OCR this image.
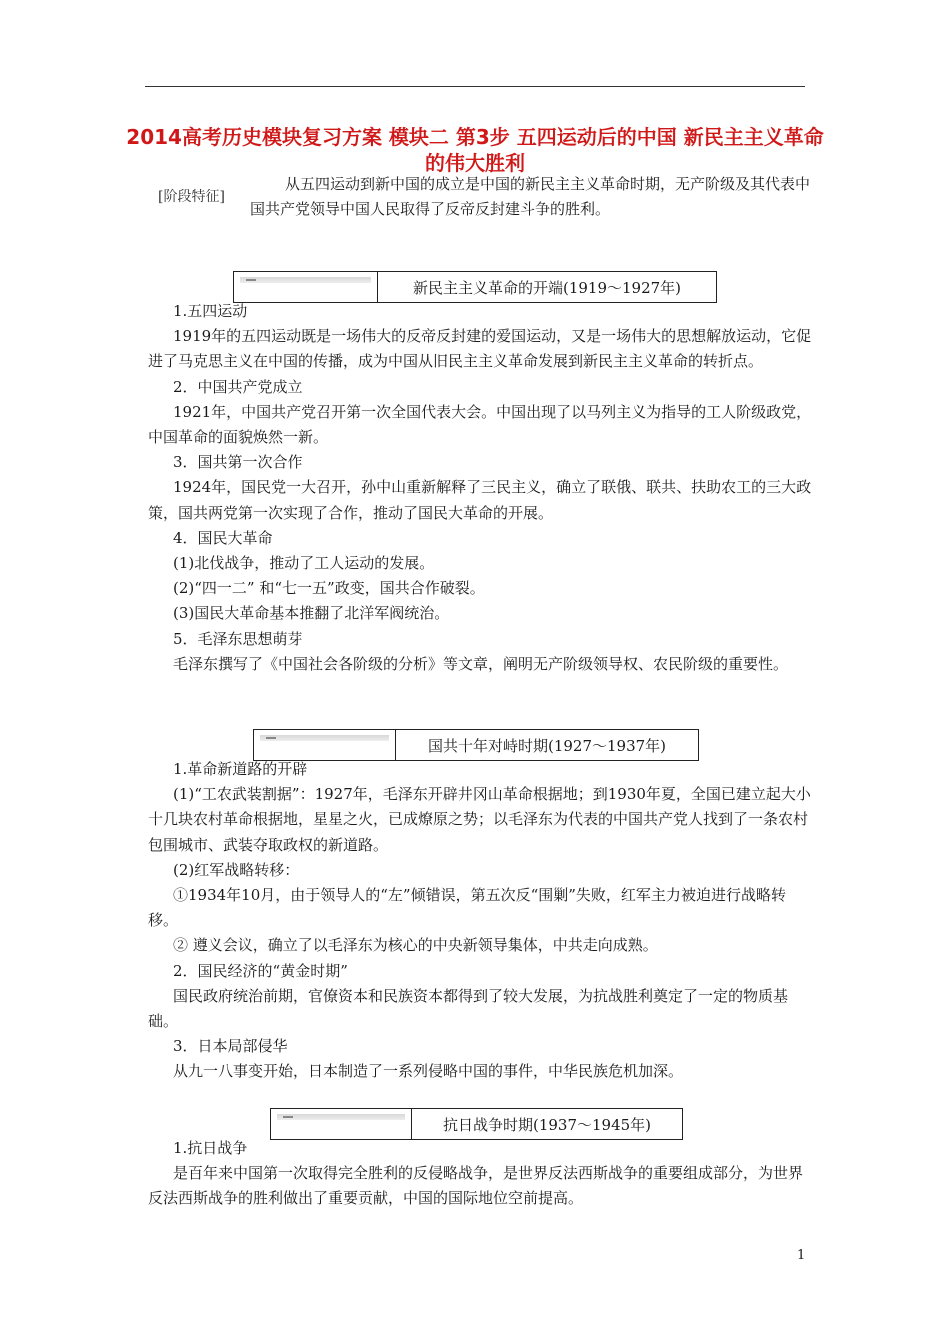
2014高考历史模块复习方案 模块二 第3步 五四运动后的中国 新民主主义革命的伟大胜利
[阶段特征]
从五四运动到新中国的成立是中国的新民主主义革命时期，无产阶级及其代表中国共产党领导中国人民取得了反帝反封建斗争的胜利。
新民主主义革命的开端(1919～1927年)

1.五四运动

1919年的五四运动既是一场伟大的反帝反封建的爱国运动，又是一场伟大的思想解放运动，它促进了马克思主义在中国的传播，成为中国从旧民主主义革命发展到新民主主义革命的转折点。

2．中国共产党成立

1921年，中国共产党召开第一次全国代表大会。中国出现了以马列主义为指导的工人阶级政党，中国革命的面貌焕然一新。

3．国共第一次合作

1924年，国民党一大召开，孙中山重新解释了三民主义，确立了联俄、联共、扶助农工的三大政策，国共两党第一次实现了合作，推动了国民大革命的开展。

4．国民大革命

(1)北伐战争，推动了工人运动的发展。

(2)“四一二” 和“七一五”政变，国共合作破裂。

(3)国民大革命基本推翻了北洋军阀统治。

5．毛泽东思想萌芽

毛泽东撰写了《中国社会各阶级的分析》等文章，阐明无产阶级领导权、农民阶级的重要性。

国共十年对峙时期(1927～1937年)

1.革命新道路的开辟

(1)“工农武装割据”：1927年，毛泽东开辟井冈山革命根据地；到1930年夏，全国已建立起大小十几块农村革命根据地，星星之火，已成燎原之势；以毛泽东为代表的中国共产党人找到了一条农村包围城市、武装夺取政权的新道路。

(2)红军战略转移：

①1934年10月，由于领导人的“左”倾错误，第五次反“围剿”失败，红军主力被迫进行战略转移。

② 遵义会议，确立了以毛泽东为核心的中央新领导集体，中共走向成熟。

2．国民经济的“黄金时期”

国民政府统治前期，官僚资本和民族资本都得到了较大发展，为抗战胜利奠定了一定的物质基础。

3．日本局部侵华

从九一八事变开始，日本制造了一系列侵略中国的事件，中华民族危机加深。

抗日战争时期(1937～1945年)

1.抗日战争

是百年来中国第一次取得完全胜利的反侵略战争，是世界反法西斯战争的重要组成部分，为世界反法西斯战争的胜利做出了重要贡献，中国的国际地位空前提高。

1
